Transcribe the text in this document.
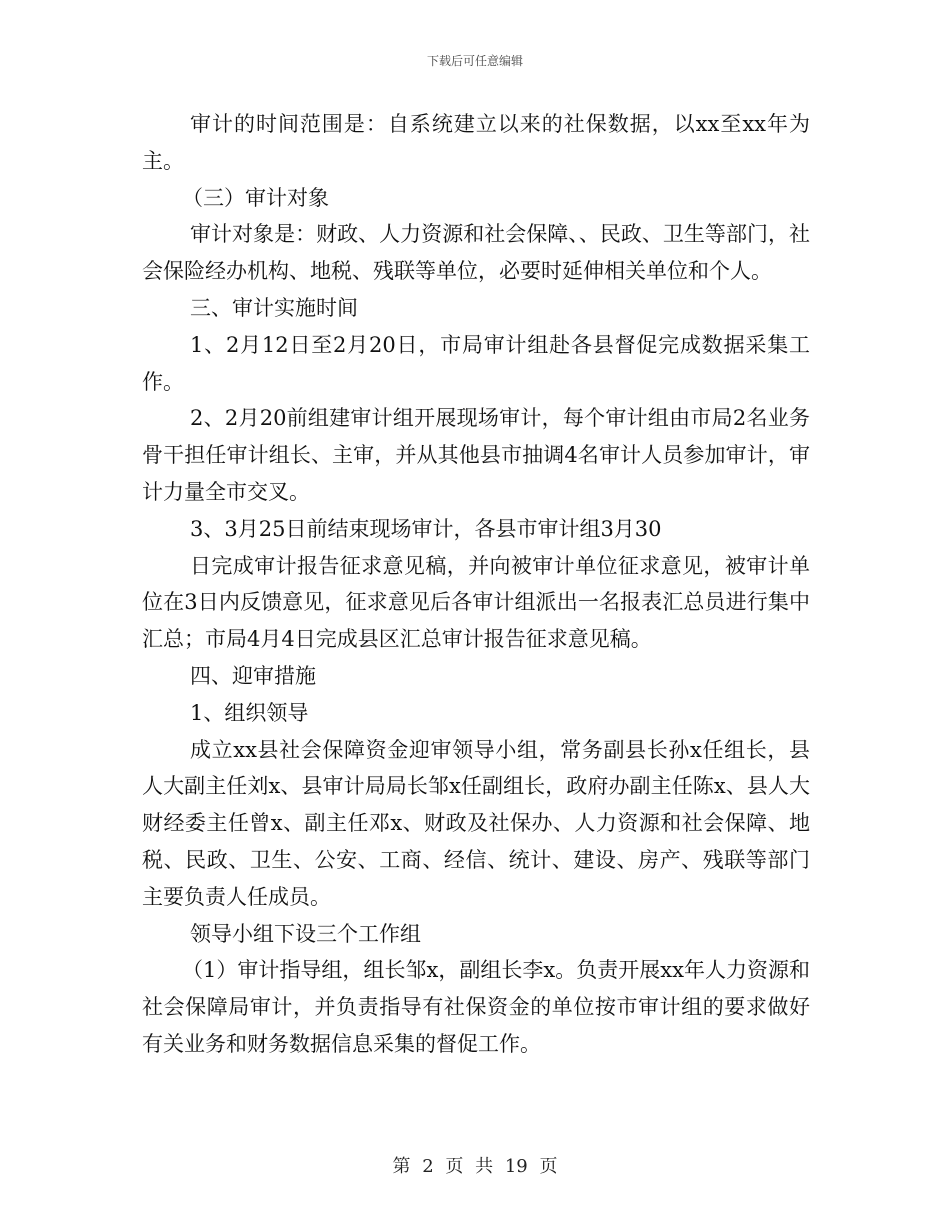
下载后可任意编辑

审计的时间范围是：自系统建立以来的社保数据，以xx至xx年为主。

（三）审计对象

审计对象是：财政、人力资源和社会保障、、民政、卫生等部门，社会保险经办机构、地税、残联等单位，必要时延伸相关单位和个人。

三、审计实施时间

1、2月12日至2月20日，市局审计组赴各县督促完成数据采集工作。

2、2月20前组建审计组开展现场审计，每个审计组由市局2名业务骨干担任审计组长、主审，并从其他县市抽调4名审计人员参加审计，审计力量全市交叉。

3、3月25日前结束现场审计，各县市审计组3月30

日完成审计报告征求意见稿，并向被审计单位征求意见，被审计单位在3日内反馈意见，征求意见后各审计组派出一名报表汇总员进行集中汇总；市局4月4日完成县区汇总审计报告征求意见稿。

四、迎审措施

1、组织领导

成立xx县社会保障资金迎审领导小组，常务副县长孙x任组长，县人大副主任刘x、县审计局局长邹x任副组长，政府办副主任陈x、县人大财经委主任曾x、副主任邓x、财政及社保办、人力资源和社会保障、地税、民政、卫生、公安、工商、经信、统计、建设、房产、残联等部门主要负责人任成员。

领导小组下设三个工作组

（1）审计指导组，组长邹x，副组长李x。负责开展xx年人力资源和社会保障局审计，并负责指导有社保资金的单位按市审计组的要求做好有关业务和财务数据信息采集的督促工作。

第 2 页 共 19 页
